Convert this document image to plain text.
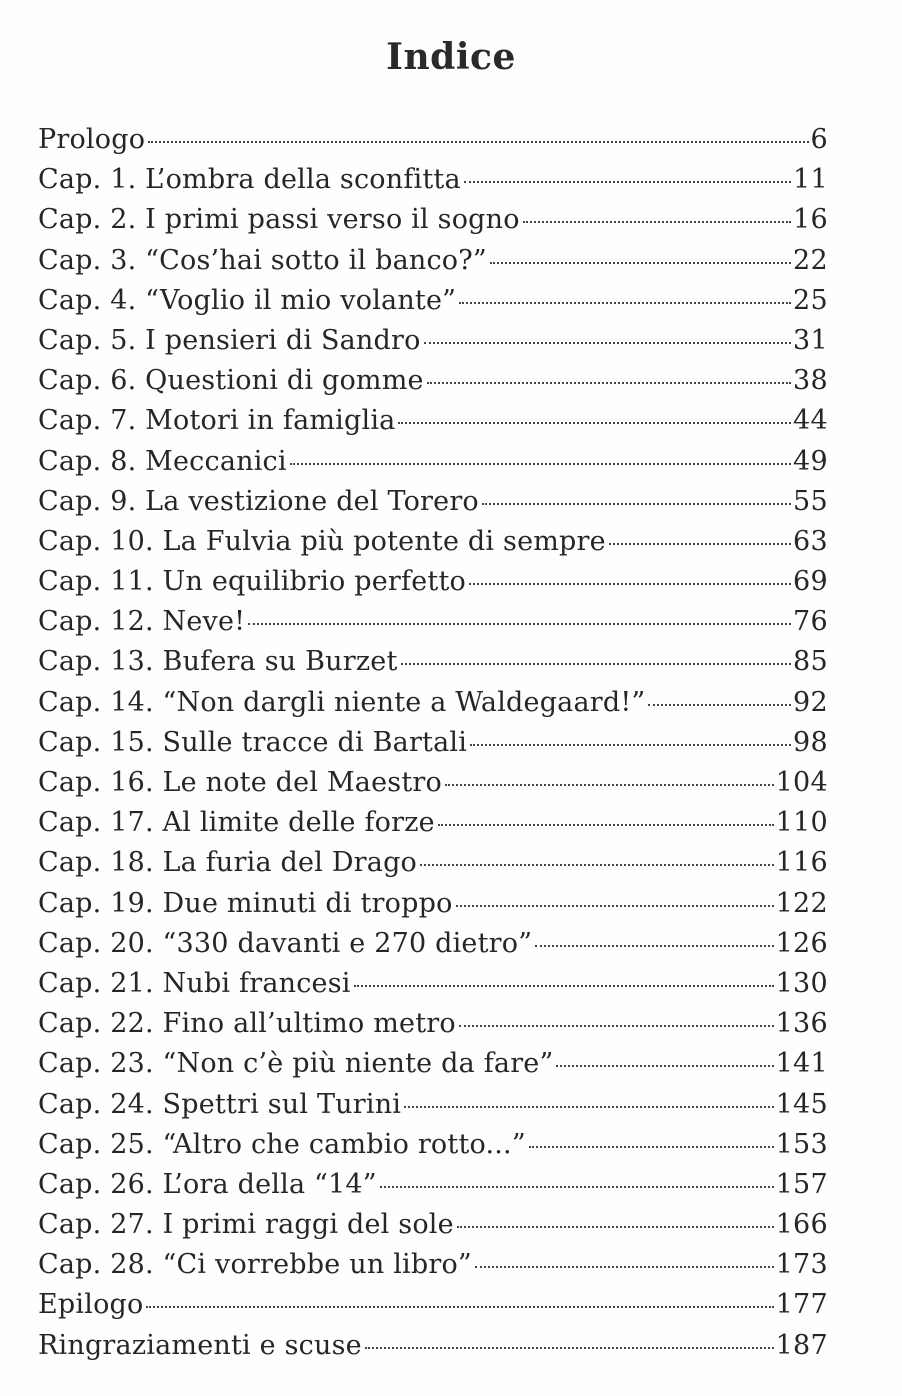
Indice
Prologo	6
Cap. 1. L’ombra della sconfitta	11
Cap. 2. I primi passi verso il sogno	16
Cap. 3. “Cos’hai sotto il banco?”	22
Cap. 4. “Voglio il mio volante”	25
Cap. 5. I pensieri di Sandro	31
Cap. 6. Questioni di gomme	38
Cap. 7. Motori in famiglia	44
Cap. 8. Meccanici	49
Cap. 9. La vestizione del Torero	55
Cap. 10. La Fulvia più potente di sempre	63
Cap. 11. Un equilibrio perfetto	69
Cap. 12. Neve!	76
Cap. 13. Bufera su Burzet	85
Cap. 14. “Non dargli niente a Waldegaard!”	92
Cap. 15. Sulle tracce di Bartali	98
Cap. 16. Le note del Maestro	104
Cap. 17. Al limite delle forze	110
Cap. 18. La furia del Drago	116
Cap. 19. Due minuti di troppo	122
Cap. 20. “330 davanti e 270 dietro”	126
Cap. 21. Nubi francesi	130
Cap. 22. Fino all’ultimo metro	136
Cap. 23. “Non c’è più niente da fare”	141
Cap. 24. Spettri sul Turini	145
Cap. 25. “Altro che cambio rotto...”	153
Cap. 26. L’ora della “14”	157
Cap. 27. I primi raggi del sole	166
Cap. 28. “Ci vorrebbe un libro”	173
Epilogo	177
Ringraziamenti e scuse	187
